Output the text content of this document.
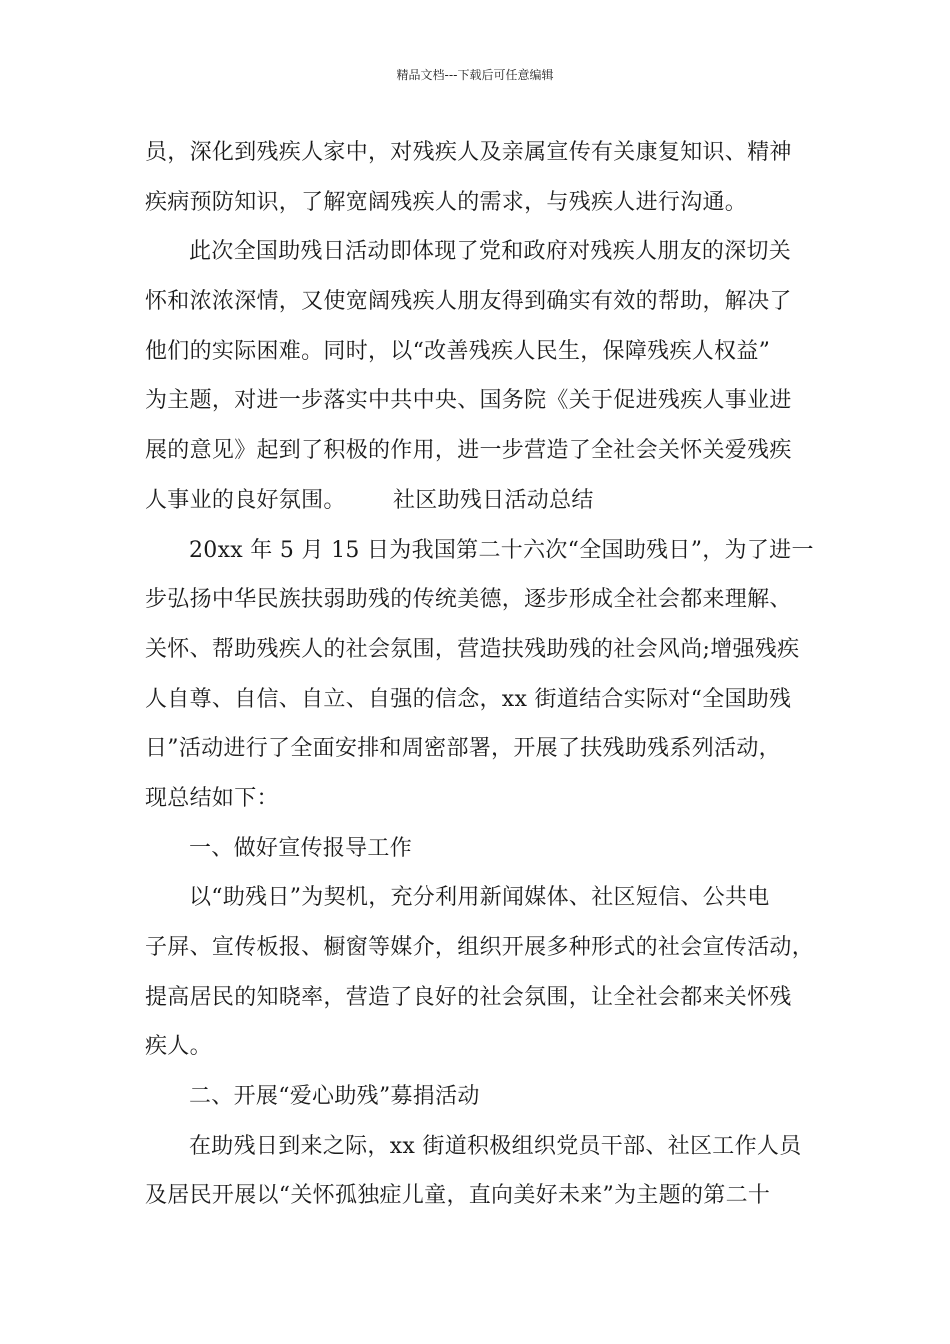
精品文档---下载后可任意编辑
员，深化到残疾人家中，对残疾人及亲属宣传有关康复知识、精神
疾病预防知识，了解宽阔残疾人的需求，与残疾人进行沟通。
此次全国助残日活动即体现了党和政府对残疾人朋友的深切关
怀和浓浓深情，又使宽阔残疾人朋友得到确实有效的帮助，解决了
他们的实际困难。同时，以“改善残疾人民生，保障残疾人权益”
为主题，对进一步落实中共中央、国务院《关于促进残疾人事业进
展的意见》起到了积极的作用，进一步营造了全社会关怀关爱残疾
人事业的良好氛围。 社区助残日活动总结
20xx 年 5 月 15 日为我国第二十六次“全国助残日”，为了进一
步弘扬中华民族扶弱助残的传统美德，逐步形成全社会都来理解、
关怀、帮助残疾人的社会氛围，营造扶残助残的社会风尚;增强残疾
人自尊、自信、自立、自强的信念，xx 街道结合实际对“全国助残
日”活动进行了全面安排和周密部署，开展了扶残助残系列活动，
现总结如下：
一、做好宣传报导工作
以“助残日”为契机，充分利用新闻媒体、社区短信、公共电
子屏、宣传板报、橱窗等媒介，组织开展多种形式的社会宣传活动，
提高居民的知晓率，营造了良好的社会氛围，让全社会都来关怀残
疾人。
二、开展“爱心助残”募捐活动
在助残日到来之际，xx 街道积极组织党员干部、社区工作人员
及居民开展以“关怀孤独症儿童，直向美好未来”为主题的第二十
